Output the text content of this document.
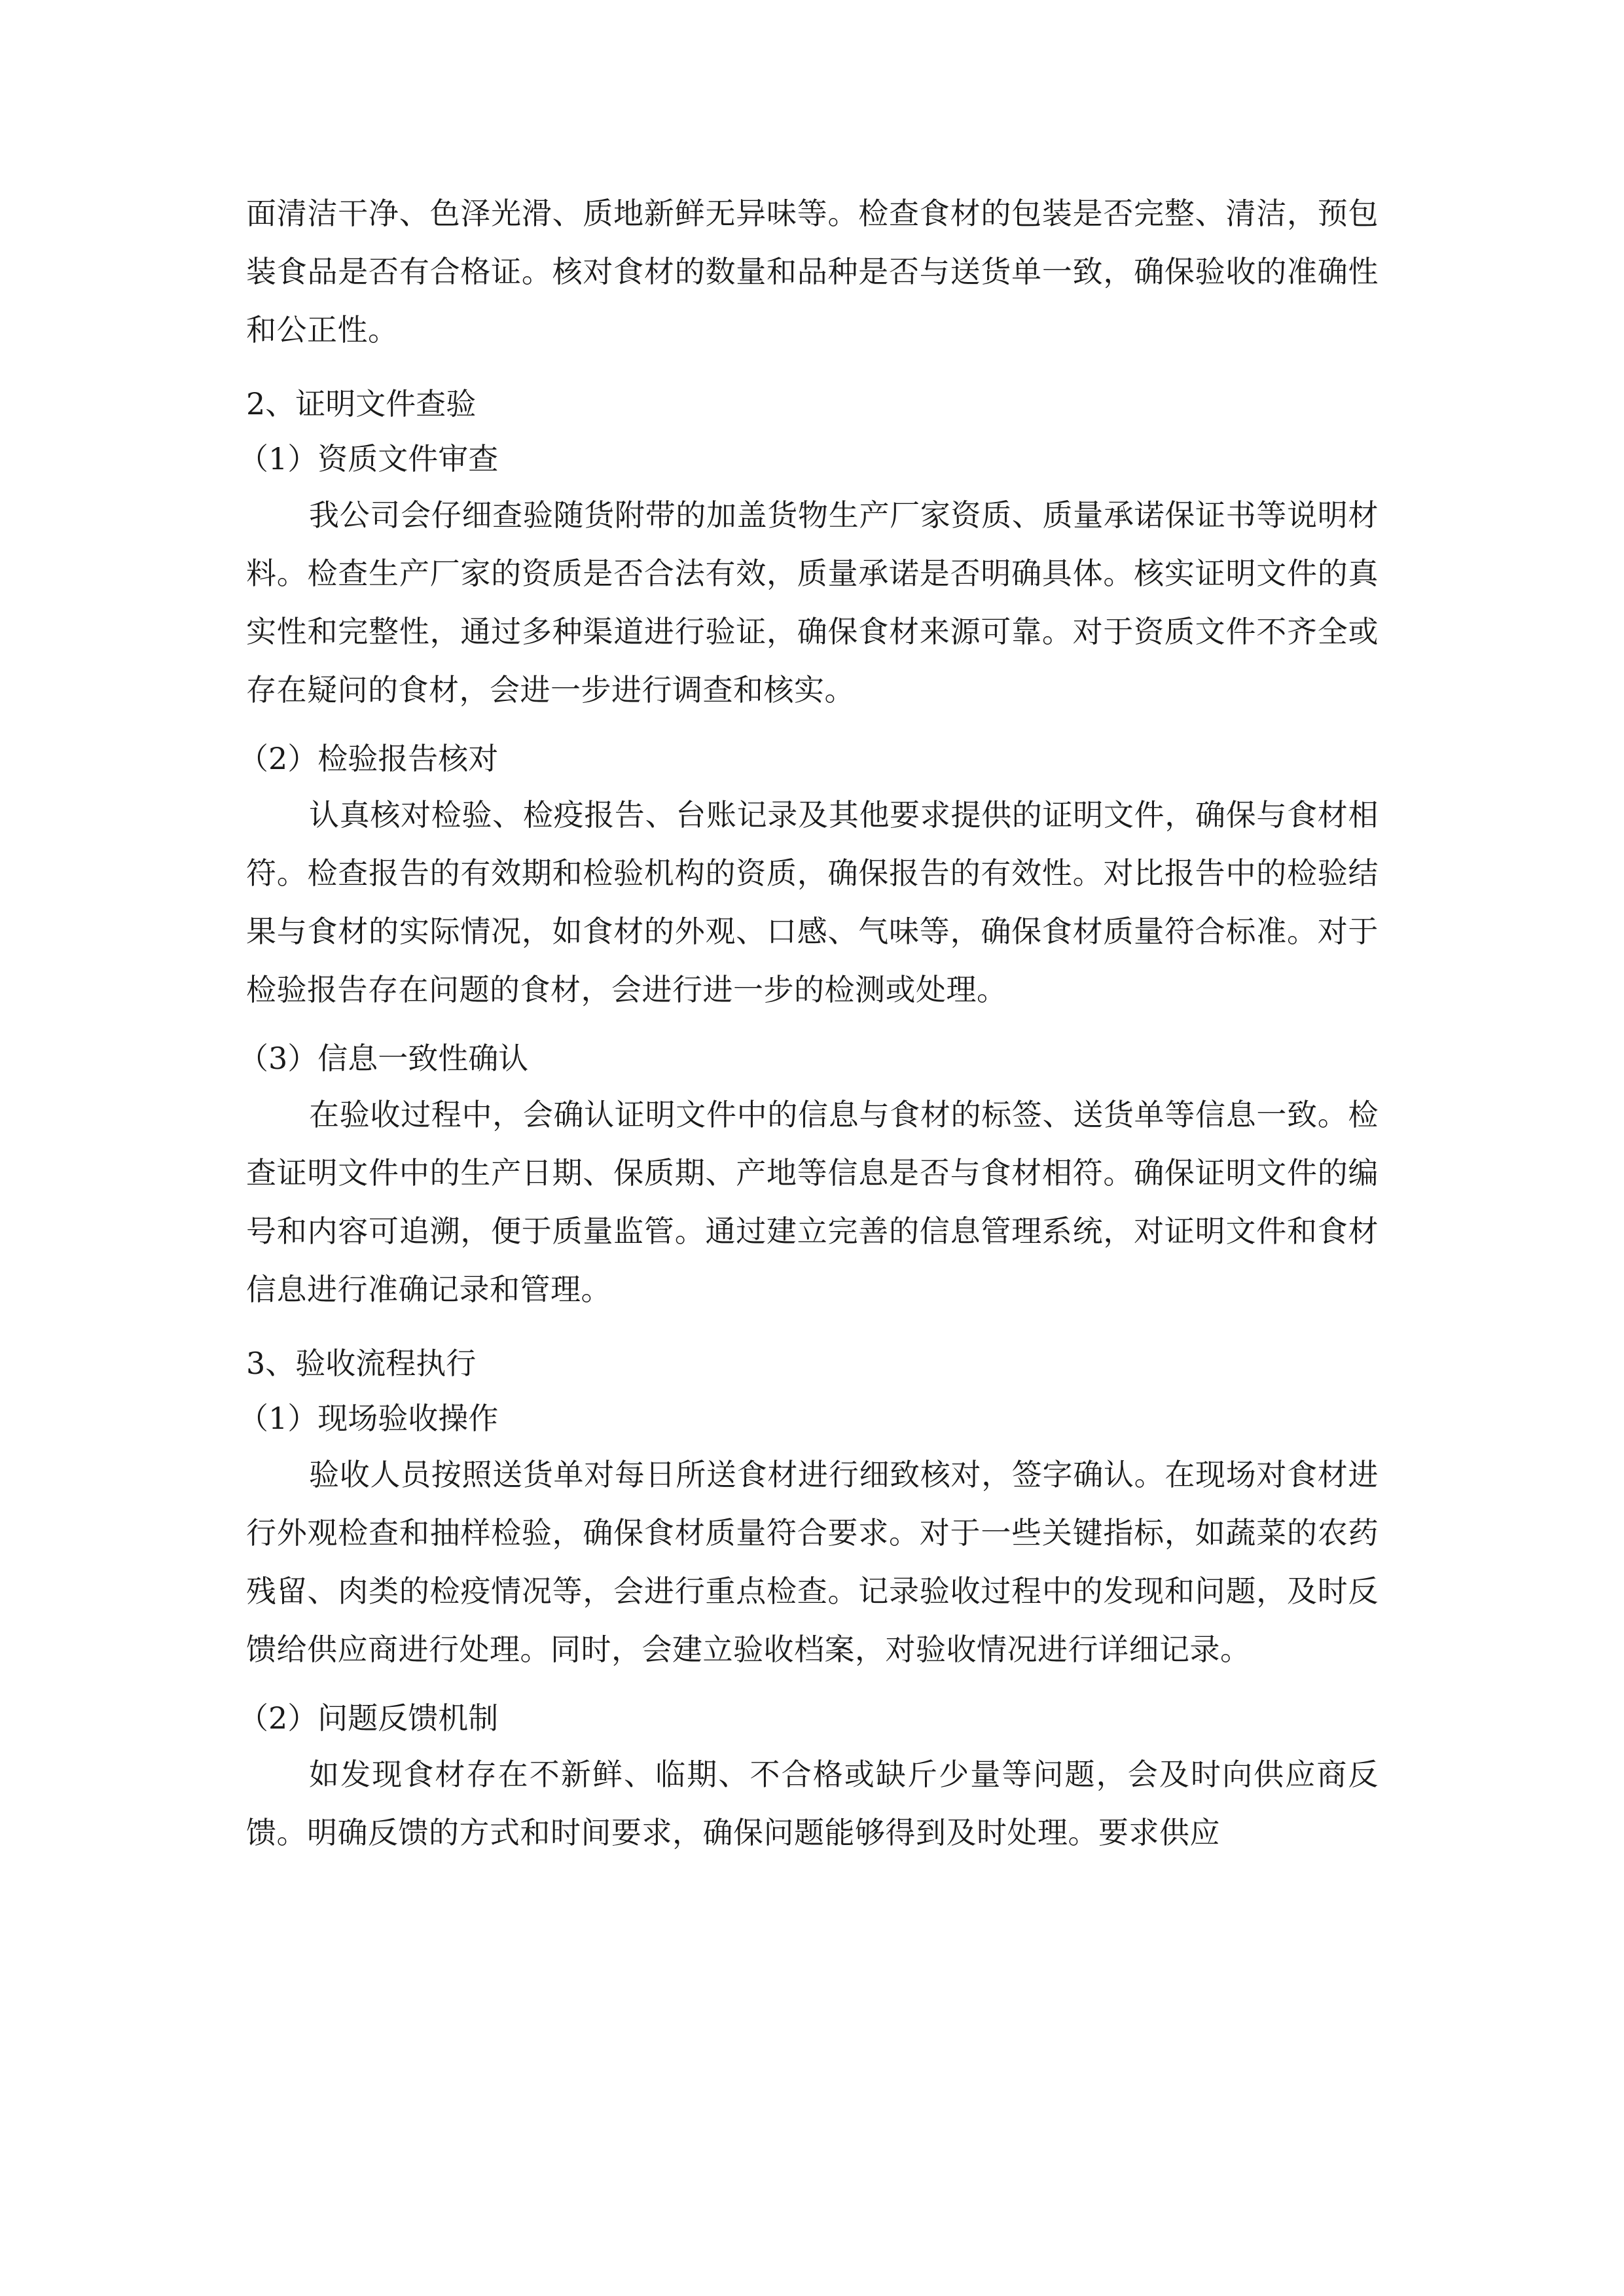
面清洁干净、色泽光滑、质地新鲜无异味等。检查食材的包装是否完整、清洁，预包装食品是否有合格证。核对食材的数量和品种是否与送货单一致，确保验收的准确性和公正性。

2、证明文件查验

（1）资质文件审查

我公司会仔细查验随货附带的加盖货物生产厂家资质、质量承诺保证书等说明材料。检查生产厂家的资质是否合法有效，质量承诺是否明确具体。核实证明文件的真实性和完整性，通过多种渠道进行验证，确保食材来源可靠。对于资质文件不齐全或存在疑问的食材，会进一步进行调查和核实。

（2）检验报告核对

认真核对检验、检疫报告、台账记录及其他要求提供的证明文件，确保与食材相符。检查报告的有效期和检验机构的资质，确保报告的有效性。对比报告中的检验结果与食材的实际情况，如食材的外观、口感、气味等，确保食材质量符合标准。对于检验报告存在问题的食材，会进行进一步的检测或处理。

（3）信息一致性确认

在验收过程中，会确认证明文件中的信息与食材的标签、送货单等信息一致。检查证明文件中的生产日期、保质期、产地等信息是否与食材相符。确保证明文件的编号和内容可追溯，便于质量监管。通过建立完善的信息管理系统，对证明文件和食材信息进行准确记录和管理。

3、验收流程执行

（1）现场验收操作

验收人员按照送货单对每日所送食材进行细致核对，签字确认。在现场对食材进行外观检查和抽样检验，确保食材质量符合要求。对于一些关键指标，如蔬菜的农药残留、肉类的检疫情况等，会进行重点检查。记录验收过程中的发现和问题，及时反馈给供应商进行处理。同时，会建立验收档案，对验收情况进行详细记录。

（2）问题反馈机制

如发现食材存在不新鲜、临期、不合格或缺斤少量等问题，会及时向供应商反馈。明确反馈的方式和时间要求，确保问题能够得到及时处理。要求供应
